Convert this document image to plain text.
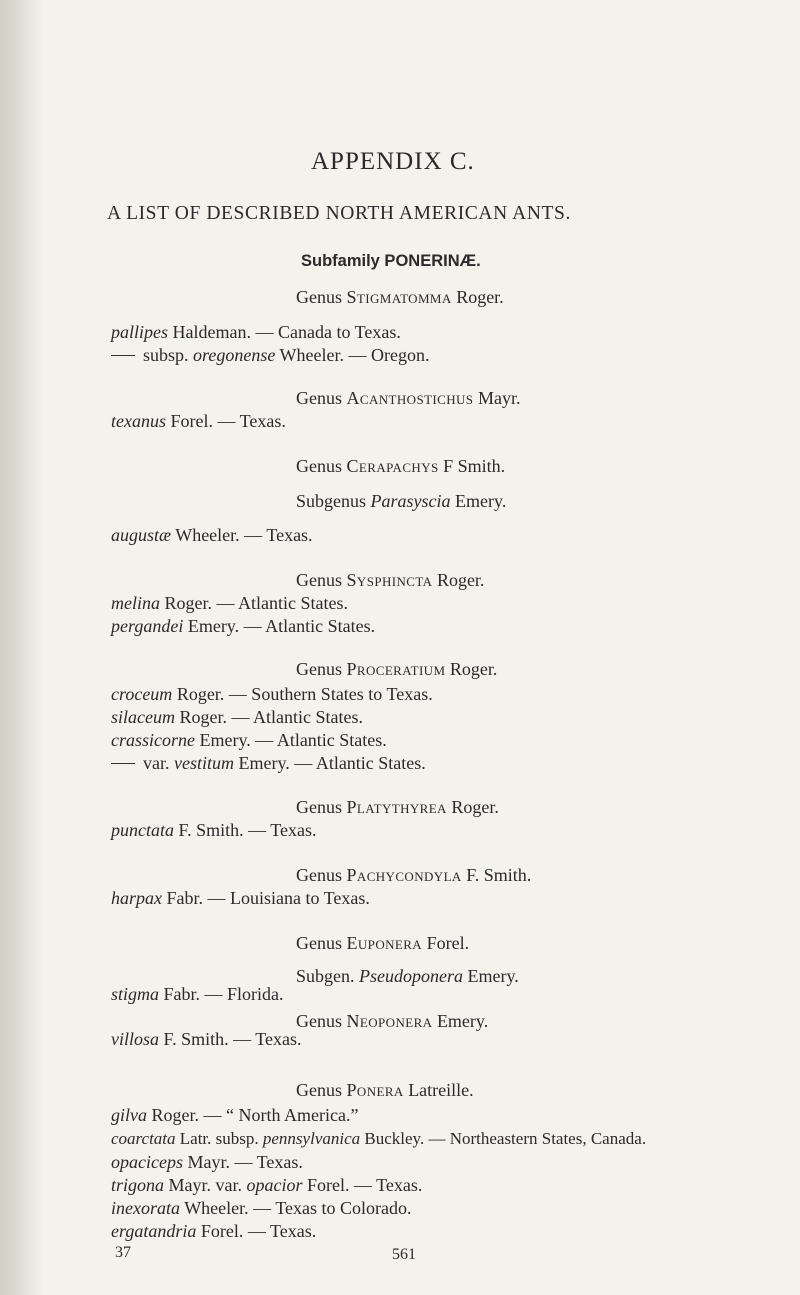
APPENDIX C.
A LIST OF DESCRIBED NORTH AMERICAN ANTS.
Subfamily PONERINÆ.
Genus Stigmatomma Roger.
pallipes Haldeman. — Canada to Texas.
subsp. oregonense Wheeler. — Oregon.
Genus Acanthostichus Mayr.
texanus Forel. — Texas.
Genus Cerapachys F Smith.
Subgenus Parasyscia Emery.
augustæ Wheeler. — Texas.
Genus Sysphincta Roger.
melina Roger. — Atlantic States.
pergandei Emery. — Atlantic States.
Genus Proceratium Roger.
croceum Roger. — Southern States to Texas.
silaceum Roger. — Atlantic States.
crassicorne Emery. — Atlantic States.
var. vestitum Emery. — Atlantic States.
Genus Platythyrea Roger.
punctata F. Smith. — Texas.
Genus Pachycondyla F. Smith.
harpax Fabr. — Louisiana to Texas.
Genus Euponera Forel.
Subgen. Pseudoponera Emery.
stigma Fabr. — Florida.
Genus Neoponera Emery.
villosa F. Smith. — Texas.
Genus Ponera Latreille.
gilva Roger. — “ North America.”
coarctata Latr. subsp. pennsylvanica Buckley. — Northeastern States, Canada.
opaciceps Mayr. — Texas.
trigona Mayr. var. opacior Forel. — Texas.
inexorata Wheeler. — Texas to Colorado.
ergatandria Forel. — Texas.
37	561
